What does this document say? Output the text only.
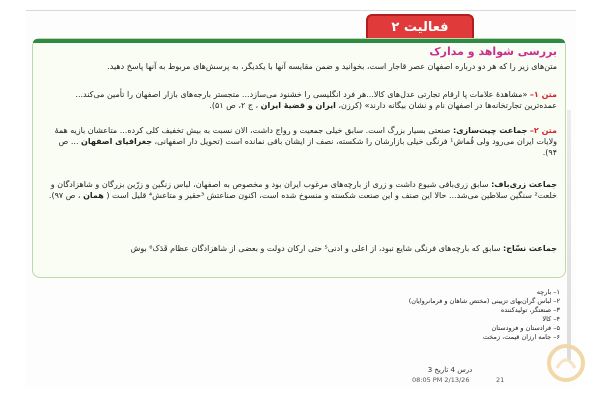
فعالیت ۲
بررسی شواهد و مدارک
متن‌های زیر را که هر دو درباره اصفهان عصر قاجار است، بخوانید و ضمن مقایسه آنها با یکدیگر، به پرسش‌های مربوط به آنها پاسخ دهید.
متن ۱– «مشاهدهٔ علامات پا ارقام تجارتی عدل‌های کالا...هر فرد انگلیسی را خشنود می‌سازد... متجستر بارجه‌های بازار اصفهان را تأمین می‌کند... عمده‌ترین تجارتخانه‌ها در اصفهان نام و نشان بیگانه دارند» (کرزن، ایران و قضیهٔ ایران ، ج ۲، ص ۵۱).
متن ۲– جماعت چیت‌سازی: صنعتی بسیار بزرگ است. سابق خیلی جمعیت و رواج داشت، الان نسبت به بیش تخفیف کلی کرده... متاعشان بازیه همهٔ ولایات ایران می‌رود ولی قُماش¹ فرنگی خیلی بازارشان را شکسته، نصف از ایشان باقی نمانده است (تحویل دار اصفهانی، جغرافیای اصفهان ... ص ۹۴).
جماعت زری‌باف: سابق زری‌بافی شیوع داشت و زری از بارچه‌های مرغوب ایران بود و مخصوص به اصفهان، لباس زنگین و زرّین بزرگان و شاهزادگان و خلعت² سنگین سلاطین می‌شد... حالا این صنف و این صنعت شکسته و منسوخ شده است، اکنون صناعتش ³حقیر و متاعش⁴ قلیل است ( همان ، ص ۹۷).
جماعت نسّاج: سابق که بارچه‌های فرنگی شایع نبود، از اعلی و ادنی⁵ حتی ارکان دولت و بعضی از شاهزادگان عظام قَدَک⁶ بوش
۱– بارچه
۲– لباس گران‌بهای تزیینی (مختص شاهان و فرمانروایان)
۳– صنعتگر، تولیدکننده
۴– کالا
۵– فرادستان و فرودستان
۶– جامه ارزان قیمت، زمخت
درس 4 تاریخ 3
08:05 PM 2/13/26	21
